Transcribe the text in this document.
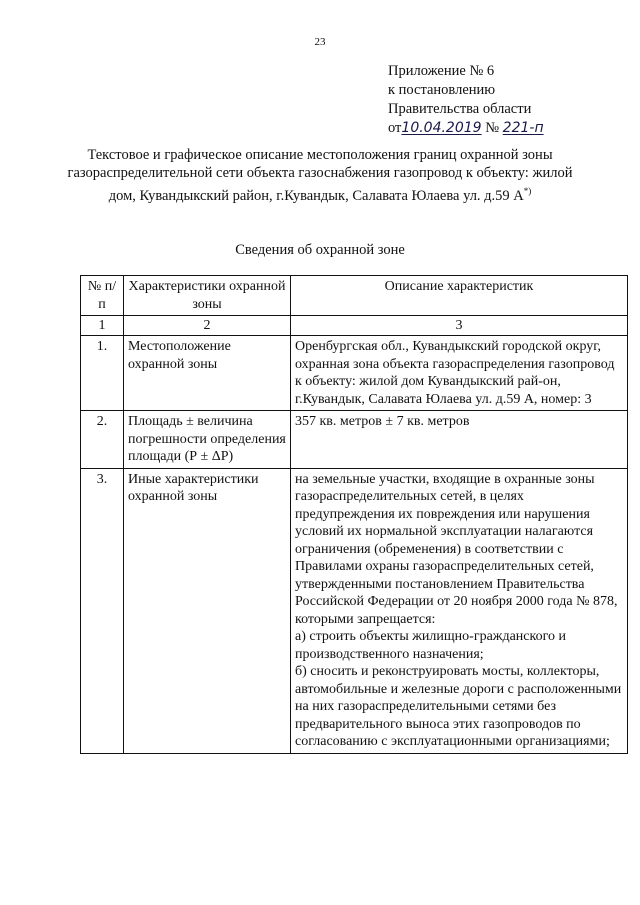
23
Приложение № 6
к постановлению
Правительства области
от10.04.2019 № 221-п
Текстовое и графическое описание местоположения границ охранной зоны газораспределительной сети объекта газоснабжения газопровод к объекту: жилой дом, Кувандыкский район, г.Кувандык, Салавата Юлаева ул. д.59 А*)
Сведения об охранной зоне
№ п/п	Характеристики охранной зоны	Описание характеристик
1	2	3
1.	Местоположение охранной зоны	Оренбургская обл., Кувандыкский городской округ, охранная зона объекта газораспределения газопровод к объекту: жилой дом Кувандыкский рай-он, г.Кувандык, Салавата Юлаева ул. д.59 А, номер: 3
2.	Площадь ± величина погрешности определения площади (Р ± ΔР)	357 кв. метров ± 7 кв. метров
3.	Иные характеристики охранной зоны	на земельные участки, входящие в охранные зоны газораспределительных сетей, в целях предупреждения их повреждения или нарушения условий их нормальной эксплуатации налагаются ограничения (обременения) в соответствии с Правилами охраны газораспределительных сетей, утвержденными постановлением Правительства Российской Федерации от 20 ноября 2000 года № 878, которыми запрещается:
а) строить объекты жилищно-гражданского и производственного назначения;
б) сносить и реконструировать мосты, коллекторы, автомобильные и железные дороги с расположенными на них газораспределительными сетями без предварительного выноса этих газопроводов по согласованию с эксплуатационными организациями;
